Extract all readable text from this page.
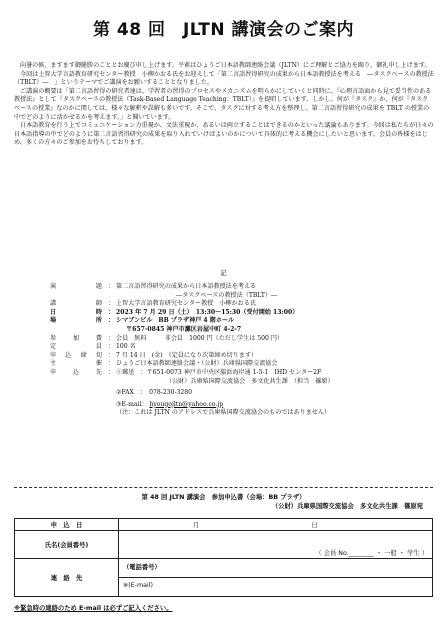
第 48 回　JLTN 講演会のご案内

向暑の候、ますます御健勝のこととお慶び申し上げます。平素はひょうご日本語教師連絡会議（JLTN）にご理解とご協力を賜り、御礼申し上げます。

今回は上智大学言語教育研究センター教授　小柳かおる氏をお迎えして「第二言語習得研究の成果から日本語教授法を考える　―タスクベースの教授法（TBLT）―　」というテーマでご講演をお願いすることとなりました。

ご講演の概要は「第二言語習得の研究者達は、学習者の習得のプロセスやメカニズムを明らかにしていくと同時に、『心理言語面から見て妥当性のある教授法』として『タスクベースの教授法（Task-Based Language Teaching：TBLT）』を提唱しています。しかし、何が『タスク』か、何が『タスクベースの授業』なのかに関しては、様々な解釈や誤解も多いです。そこで、タスクに対する考え方を整理し、第二言語習得研究の成果を TBLT の授業の中でどのように活かせるかを考えます。」と聞いています。

日本語教育を行う上でコミュニケーション力重視か、文法重視か、あるいは両立することはできるのかといった議論もあります。今回は私たちが日々の日本語指導の中でどのように第二言語習得研究の成果を取り入れていけばよいのかについて具体的に考える機会にしたいと思います。会員の皆様をはじめ、多くの方々のご参加をお待ちしております。

記
演　題 ： 第二言語習得研究の成果から日本語教授法を考える
―タスクベースの教授法（TBLT）―
講　師 ： 上智大学言語教育研究センター教授　小柳かおる氏
日　時 ： 2023 年 7 月 29 日（土）　13:30～15:30（受付開始 13:00）
場　所 ： シマブンビル　BB プラザ神戸 4 階ホール
〒657-0845 神戸市灘区岩屋中町 4-2-7
参 加 費 ： 会員　無料　　　非会員　1000 円（ただし学生は 500 円）
定　員 ： 100 名
申込締切 ： 7 月 14 日　(金)　（定員になり次第締め切ります）
主　催 ： ひょうご日本語教師連絡会議・（公財）兵庫県国際交流協会
申 込 先 ： ①郵送　：〒651-0073 神戸市中央区脇浜海岸通 1-5-1　IHD センター2F
（公財）兵庫県国際交流協会　多文化共生課　（担当　篠原）
②FAX　：　078-230-3280
③E-mail： hyougojltn@yahoo.co.jp
（注：これは JLTN のアドレスで兵庫県国際交流協会のものではありません）
第 48 回 JLTN 講演会　参加申込書（会場：BB プラザ）
（公財）兵庫県国際交流協会　多文化共生課　篠原宛
申　込　日	月 日
氏名(会員番号)	（ 会員 No.________ ・ 一般 ・ 学生 ）
連　絡　先	（電話番号）
※(E-mail)
※緊急時の連絡のため E-mail は必ずご記入ください。
